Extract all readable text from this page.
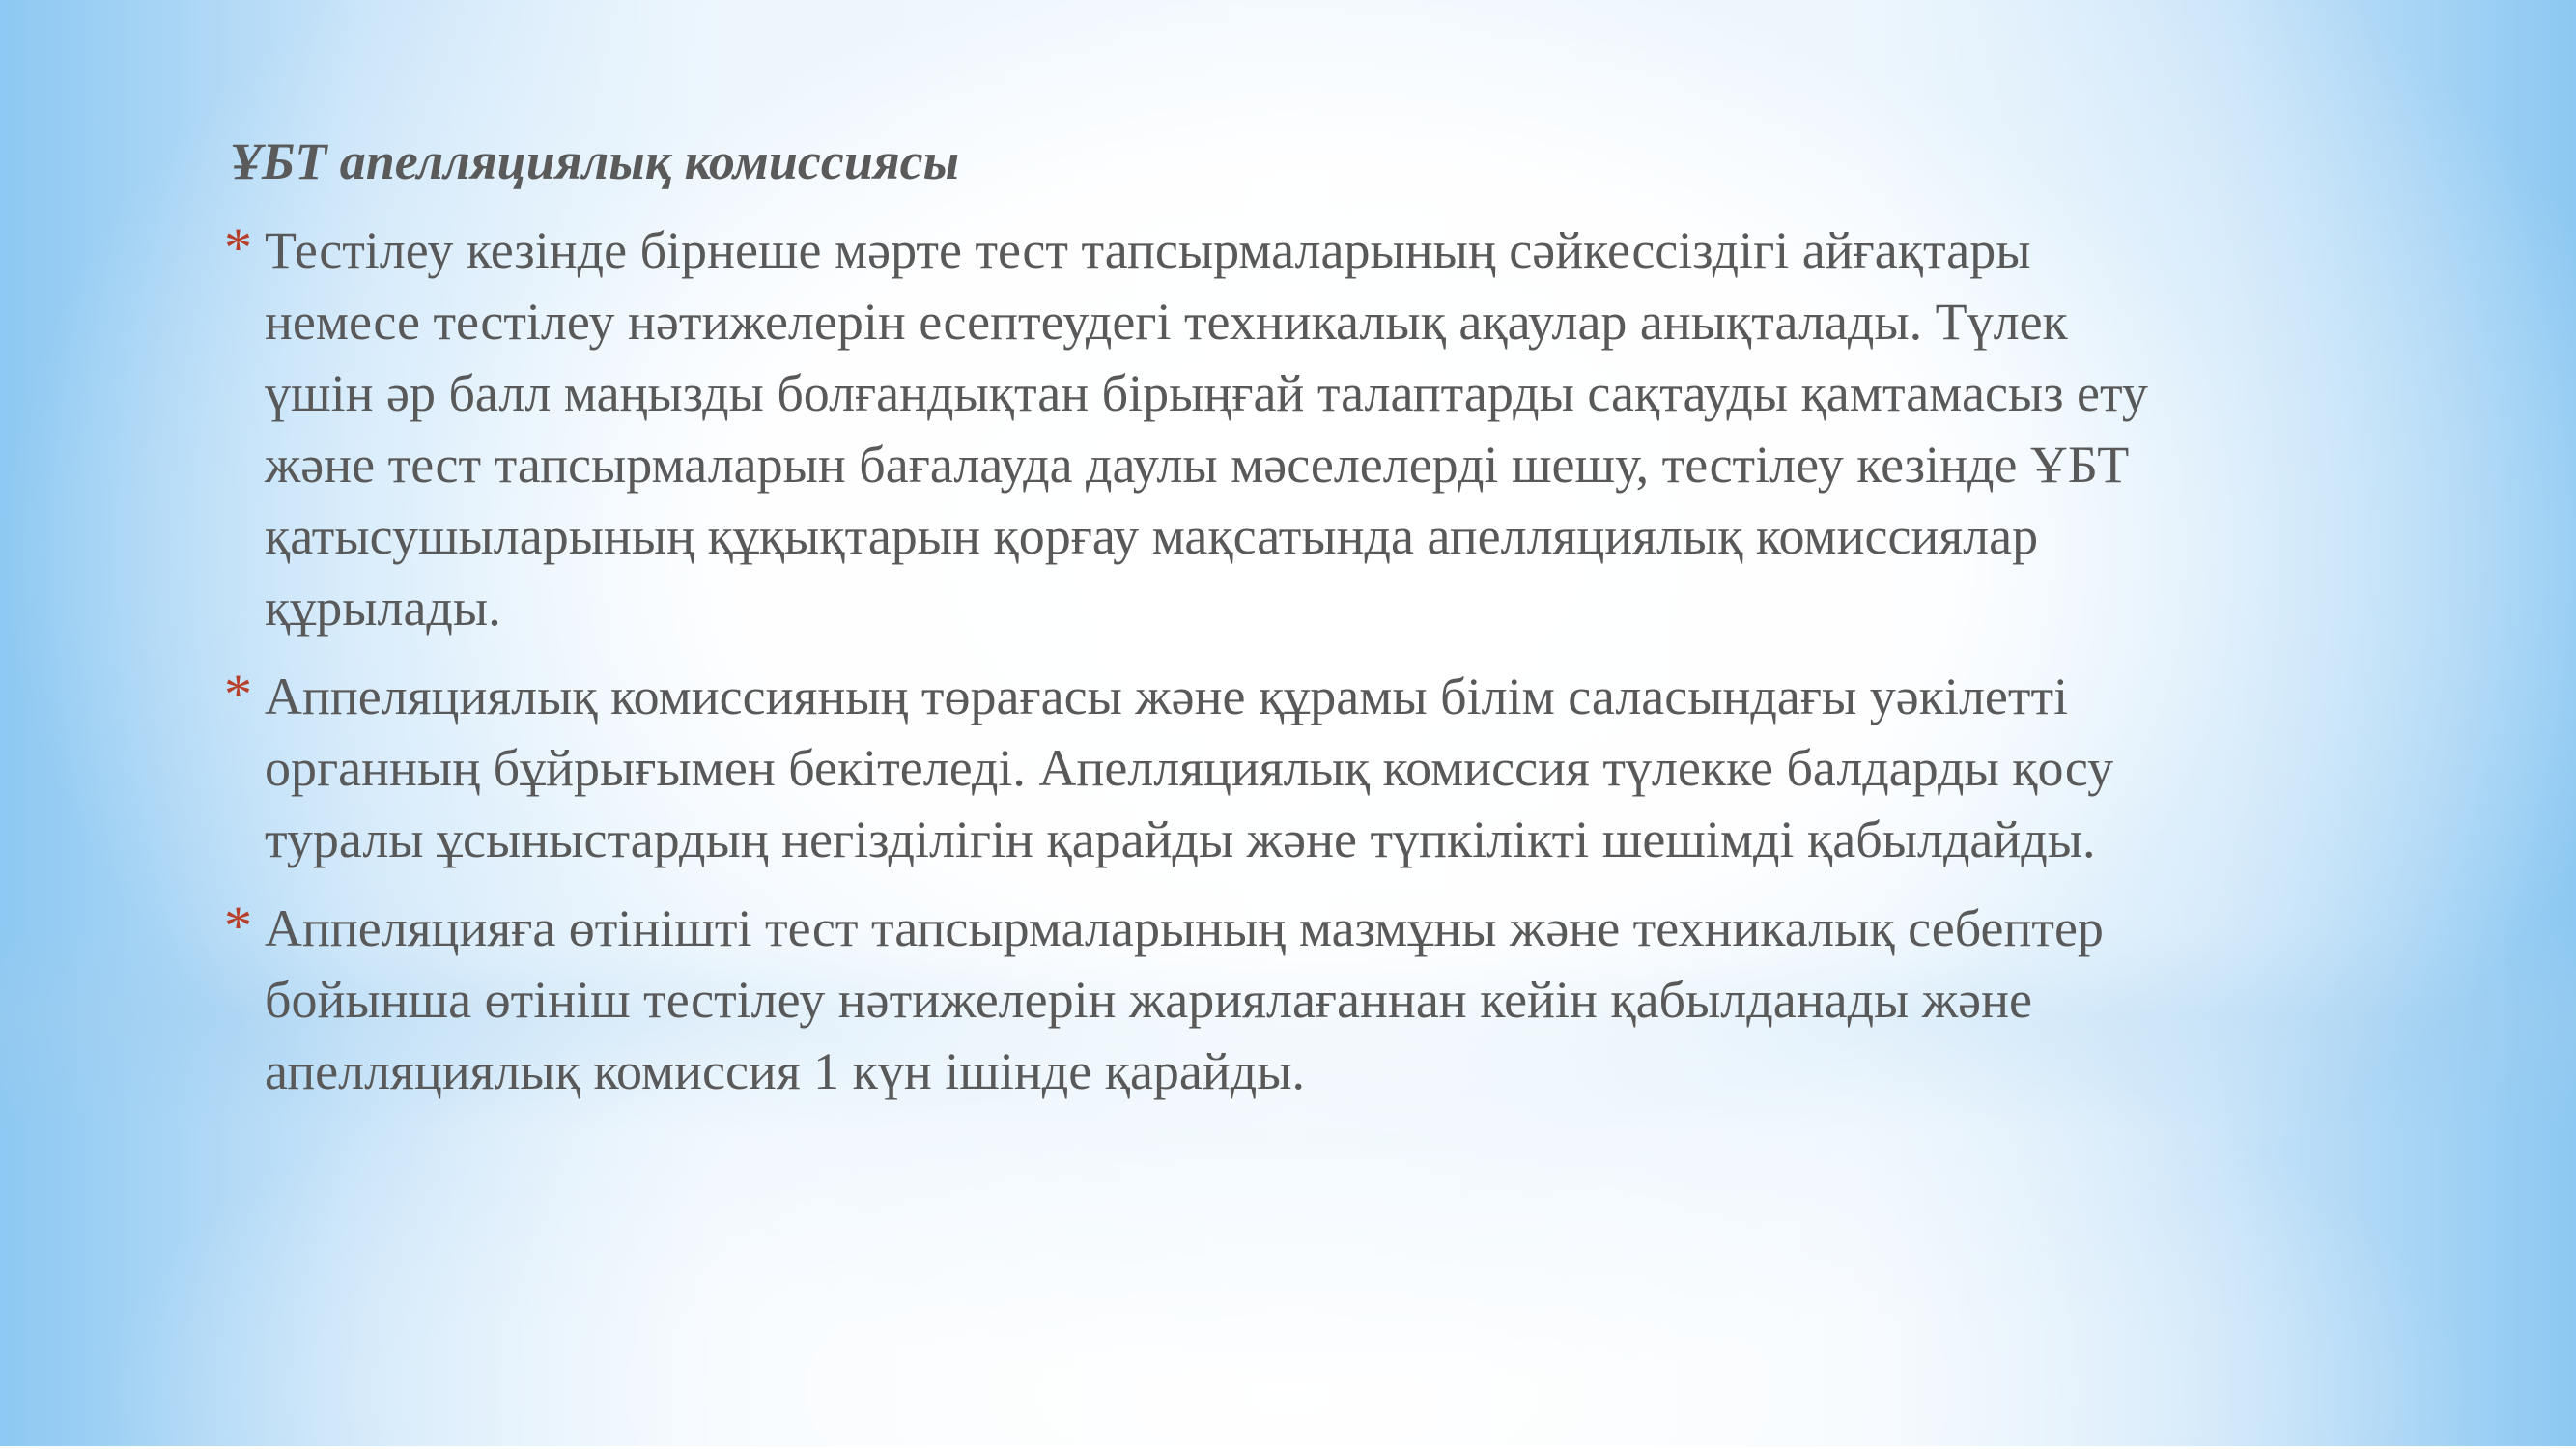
ҰБТ апелляциялық комиссиясы
* Тестілеу кезінде бірнеше мәрте тест тапсырмаларының сәйкессіздігі айғақтары
немесе тестілеу нәтижелерін есептеудегі техникалық ақаулар анықталады. Түлек
үшін әр балл маңызды болғандықтан бірыңғай талаптарды сақтауды қамтамасыз ету
және тест тапсырмаларын бағалауда даулы мәселелерді шешу, тестілеу кезінде ҰБТ
қатысушыларының құқықтарын қорғау мақсатында апелляциялық комиссиялар
құрылады.
* Аппеляциялық комиссияның төрағасы және құрамы білім саласындағы уәкілетті
органның бұйрығымен бекітеледі. Апелляциялық комиссия түлекке балдарды қосу
туралы ұсыныстардың негізділігін қарайды және түпкілікті шешімді қабылдайды.
* Аппеляцияға өтінішті тест тапсырмаларының мазмұны және техникалық себептер
бойынша өтініш тестілеу нәтижелерін жариялағаннан кейін қабылданады және
апелляциялық комиссия 1 күн ішінде қарайды.
